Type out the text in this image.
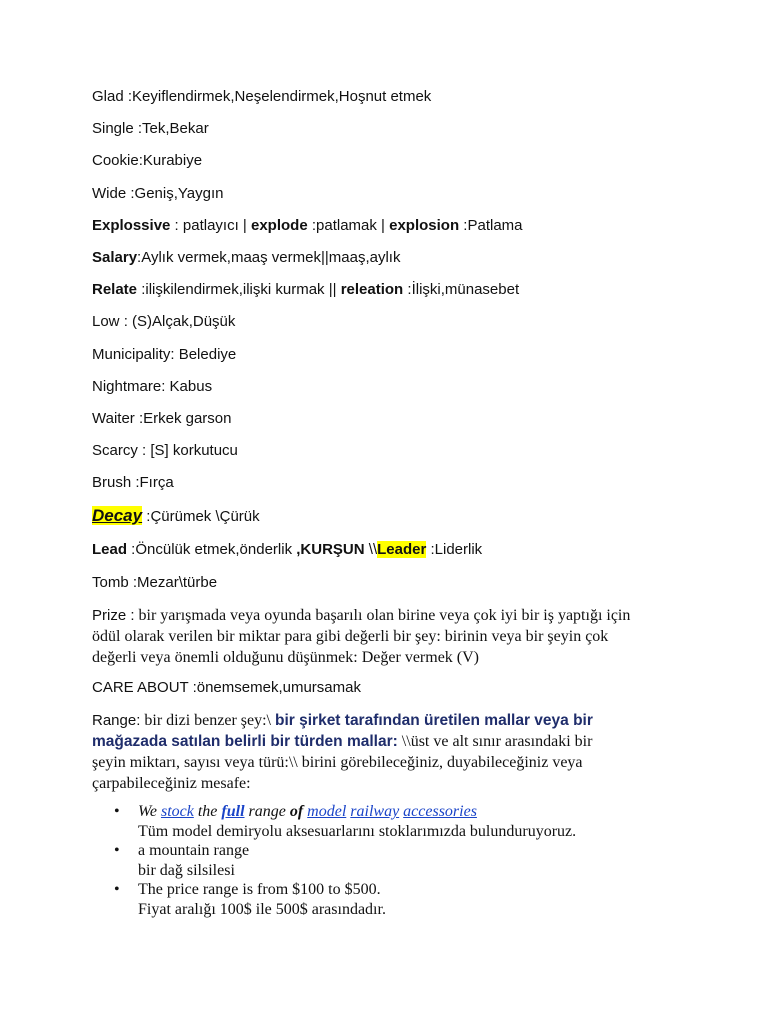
Glad :Keyiflendirmek,Neşelendirmek,Hoşnut etmek
Single :Tek,Bekar
Cookie:Kurabiye
Wide :Geniş,Yaygın
Explossive : patlayıcı | explode :patlamak | explosion :Patlama
Salary:Aylık vermek,maaş vermek||maaş,aylık
Relate :ilişkilendirmek,ilişki kurmak || releation :İlişki,münasebet
Low : (S)Alçak,Düşük
Municipality: Belediye
Nightmare: Kabus
Waiter :Erkek garson
Scarcy : [S] korkutucu
Brush :Fırça
Decay :Çürümek \Çürük
Lead :Öncülük etmek,önderlik ,KURŞUN \\Leader :Liderlik
Tomb :Mezar\türbe
Prize : bir yarışmada veya oyunda başarılı olan birine veya çok iyi bir iş yaptığı için
ödül olarak verilen bir miktar para gibi değerli bir şey: birinin veya bir şeyin çok
değerli veya önemli olduğunu düşünmek: Değer vermek (V)
CARE ABOUT :önemsemek,umursamak
Range: bir dizi benzer şey:\ bir şirket tarafından üretilen mallar veya bir
mağazada satılan belirli bir türden mallar: \\üst ve alt sınır arasındaki bir
şeyin miktarı, sayısı veya türü:\\ birini görebileceğiniz, duyabileceğiniz veya
çarpabileceğiniz mesafe:
• We stock the full range of model railway accessories
Tüm model demiryolu aksesuarlarını stoklarımızda bulunduruyoruz.
• a mountain range
bir dağ silsilesi
• The price range is from $100 to $500.
Fiyat aralığı 100$ ile 500$ arasındadır.
